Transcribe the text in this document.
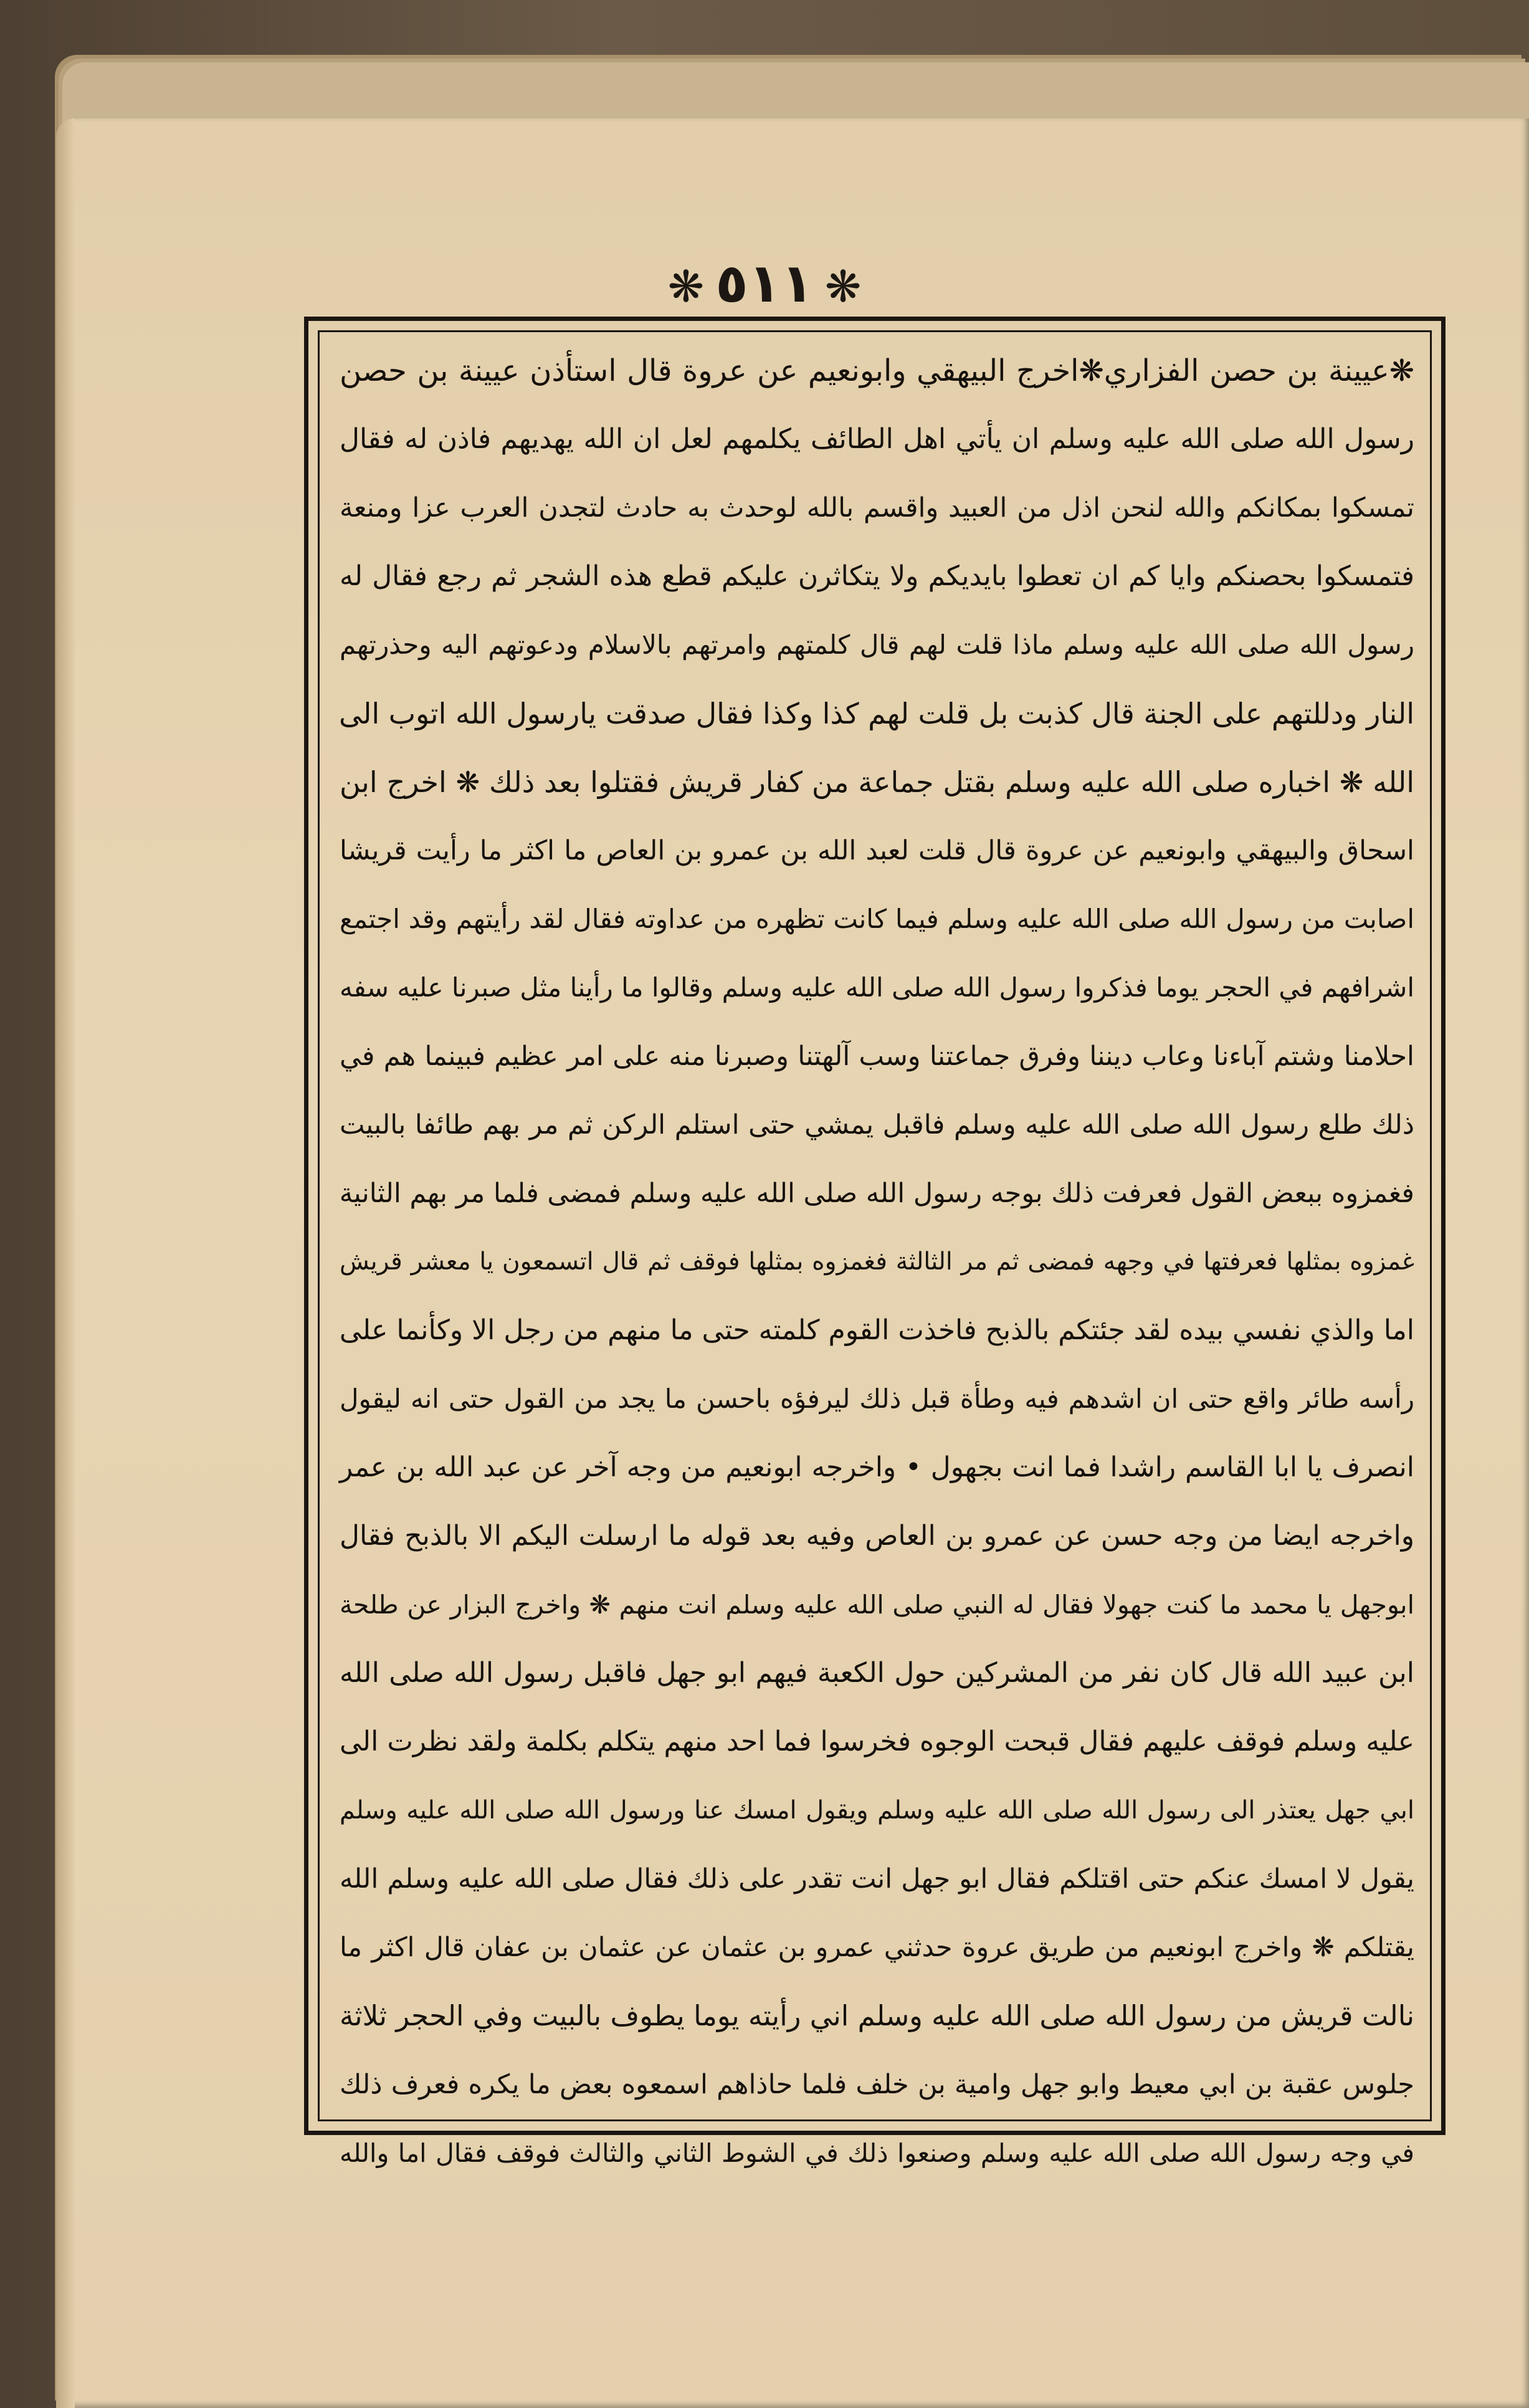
❋٥١١❋
❋عيينة بن حصن الفزاري❋اخرج البيهقي وابونعيم عن عروة قال استأذن عيينة بن حصن
رسول الله صلى الله عليه وسلم ان يأتي اهل الطائف يكلمهم لعل ان الله يهديهم فاذن له فقال
تمسكوا بمكانكم والله لنحن اذل من العبيد واقسم بالله لوحدث به حادث لتجدن العرب عزا ومنعة
فتمسكوا بحصنكم وايا كم ان تعطوا بايديكم ولا يتكاثرن عليكم قطع هذه الشجر ثم رجع فقال له
رسول الله صلى الله عليه وسلم ماذا قلت لهم قال كلمتهم وامرتهم بالاسلام ودعوتهم اليه وحذرتهم
النار ودللتهم على الجنة قال كذبت بل قلت لهم كذا وكذا فقال صدقت يارسول الله اتوب الى
الله ❋ اخباره صلى الله عليه وسلم بقتل جماعة من كفار قريش فقتلوا بعد ذلك ❋ اخرج ابن
اسحاق والبيهقي وابونعيم عن عروة قال قلت لعبد الله بن عمرو بن العاص ما اكثر ما رأيت قريشا
اصابت من رسول الله صلى الله عليه وسلم فيما كانت تظهره من عداوته فقال لقد رأيتهم وقد اجتمع
اشرافهم في الحجر يوما فذكروا رسول الله صلى الله عليه وسلم وقالوا ما رأينا مثل صبرنا عليه سفه
احلامنا وشتم آباءنا وعاب ديننا وفرق جماعتنا وسب آلهتنا وصبرنا منه على امر عظيم فبينما هم في
ذلك طلع رسول الله صلى الله عليه وسلم فاقبل يمشي حتى استلم الركن ثم مر بهم طائفا بالبيت
فغمزوه ببعض القول فعرفت ذلك بوجه رسول الله صلى الله عليه وسلم فمضى فلما مر بهم الثانية
غمزوه بمثلها فعرفتها في وجهه فمضى ثم مر الثالثة فغمزوه بمثلها فوقف ثم قال اتسمعون يا معشر قريش
اما والذي نفسي بيده لقد جئتكم بالذبح فاخذت القوم كلمته حتى ما منهم من رجل الا وكأنما على
رأسه طائر واقع حتى ان اشدهم فيه وطأة قبل ذلك ليرفؤه باحسن ما يجد من القول حتى انه ليقول
انصرف يا ابا القاسم راشدا فما انت بجهول • واخرجه ابونعيم من وجه آخر عن عبد الله بن عمر
واخرجه ايضا من وجه حسن عن عمرو بن العاص وفيه بعد قوله ما ارسلت اليكم الا بالذبح فقال
ابوجهل يا محمد ما كنت جهولا فقال له النبي صلى الله عليه وسلم انت منهم ❋ واخرج البزار عن طلحة
ابن عبيد الله قال كان نفر من المشركين حول الكعبة فيهم ابو جهل فاقبل رسول الله صلى الله
عليه وسلم فوقف عليهم فقال قبحت الوجوه فخرسوا فما احد منهم يتكلم بكلمة ولقد نظرت الى
ابي جهل يعتذر الى رسول الله صلى الله عليه وسلم ويقول امسك عنا ورسول الله صلى الله عليه وسلم
يقول لا امسك عنكم حتى اقتلكم فقال ابو جهل انت تقدر على ذلك فقال صلى الله عليه وسلم الله
يقتلكم ❋ واخرج ابونعيم من طريق عروة حدثني عمرو بن عثمان عن عثمان بن عفان قال اكثر ما
نالت قريش من رسول الله صلى الله عليه وسلم اني رأيته يوما يطوف بالبيت وفي الحجر ثلاثة
جلوس عقبة بن ابي معيط وابو جهل وامية بن خلف فلما حاذاهم اسمعوه بعض ما يكره فعرف ذلك
في وجه رسول الله صلى الله عليه وسلم وصنعوا ذلك في الشوط الثاني والثالث فوقف فقال اما والله
